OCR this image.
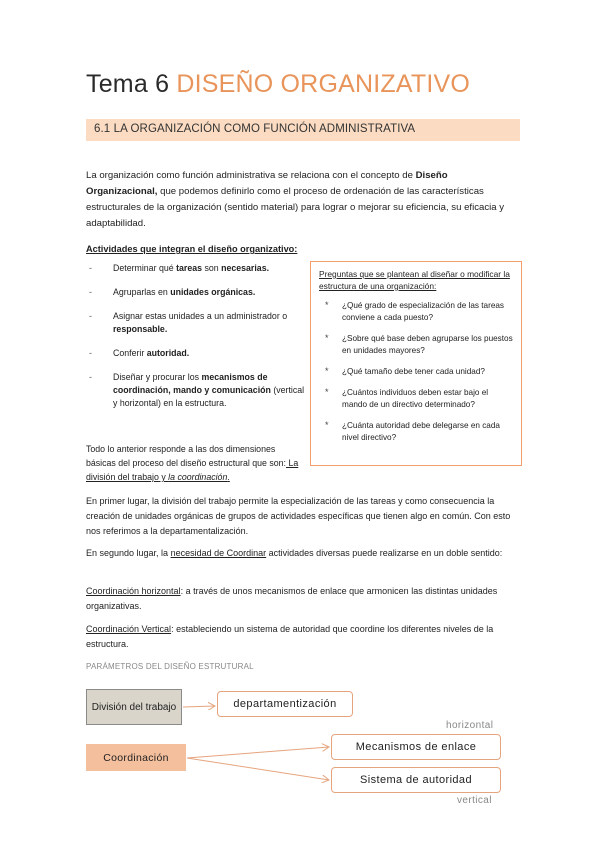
Tema 6 DISEÑO ORGANIZATIVO
6.1 LA ORGANIZACIÓN COMO FUNCIÓN ADMINISTRATIVA

La organización como función administrativa se relaciona con el concepto de Diseño Organizacional, que podemos definirlo como el proceso de ordenación de las características estructurales de la organización (sentido material) para lograr o mejorar su eficiencia, su eficacia y adaptabilidad.

Actividades que integran el diseño organizativo:
- Determinar qué tareas son necesarias.
- Agruparlas en unidades orgánicas.
- Asignar estas unidades a un administrador o responsable.
- Conferir autoridad.
- Diseñar y procurar los mecanismos de coordinación, mando y comunicación (vertical y horizontal) en la estructura.
Preguntas que se plantean al diseñar o modificar la estructura de una organización:
* ¿Qué grado de especialización de las tareas conviene a cada puesto?
* ¿Sobre qué base deben agruparse los puestos en unidades mayores?
* ¿Qué tamaño debe tener cada unidad?
* ¿Cuántos individuos deben estar bajo el mando de un directivo determinado?
* ¿Cuánta autoridad debe delegarse en cada nivel directivo?

Todo lo anterior responde a las dos dimensiones básicas del proceso del diseño estructural que son: La división del trabajo y la coordinación.

En primer lugar, la división del trabajo permite la especialización de las tareas y como consecuencia la creación de unidades orgánicas de grupos de actividades específicas que tienen algo en común. Con esto nos referimos a la departamentalización.

En segundo lugar, la necesidad de Coordinar actividades diversas puede realizarse en un doble sentido:

Coordinación horizontal: a través de unos mecanismos de enlace que armonicen las distintas unidades organizativas.

Coordinación Vertical: estableciendo un sistema de autoridad que coordine los diferentes niveles de la estructura.

PARÁMETROS DEL DISEÑO ESTRUTURAL
División del trabajo	departamentización
Coordinación
Mecanismos de enlace
Sistema de autoridad
horizontal
vertical
